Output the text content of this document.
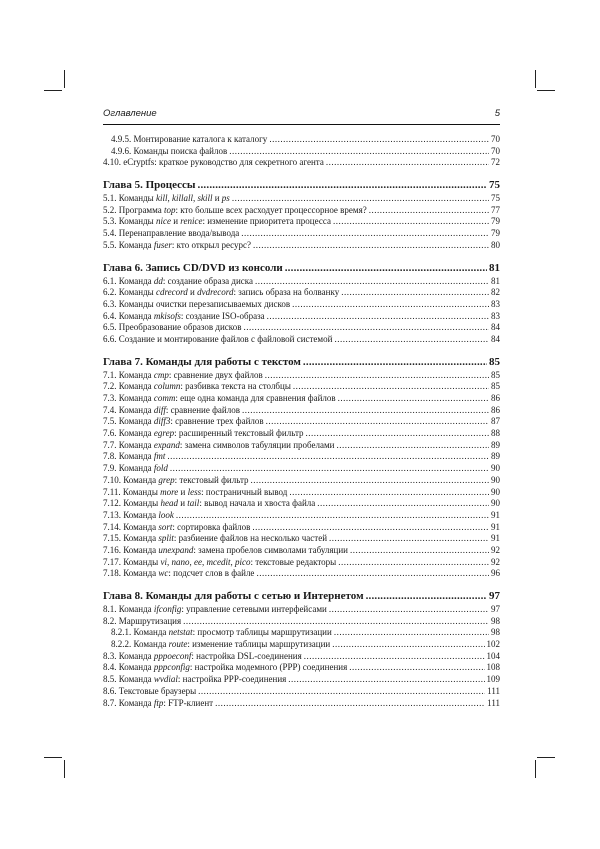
Оглавление	5
4.9.5. Монтирование каталога к каталогу .....	70
4.9.6. Команды поиска файлов .....	70
4.10. eCryptfs: краткое руководство для секретного агента .....	72
Глава 5. Процессы .....	75
5.1. Команды kill, killall, skill и ps .....	75
5.2. Программа top: кто больше всех расходует процессорное время? .....	77
5.3. Команды nice и renice: изменение приоритета процесса .....	79
5.4. Перенаправление ввода/вывода .....	79
5.5. Команда fuser: кто открыл ресурс? .....	80
Глава 6. Запись CD/DVD из консоли .....	81
6.1. Команда dd: создание образа диска .....	81
6.2. Команды cdrecord и dvdrecord: запись образа на болванку .....	82
6.3. Команды очистки перезаписываемых дисков .....	83
6.4. Команда mkisofs: создание ISO-образа .....	83
6.5. Преобразование образов дисков .....	84
6.6. Создание и монтирование файлов с файловой системой .....	84
Глава 7. Команды для работы с текстом .....	85
7.1. Команда cmp: сравнение двух файлов .....	85
7.2. Команда column: разбивка текста на столбцы .....	85
7.3. Команда comm: еще одна команда для сравнения файлов .....	86
7.4. Команда diff: сравнение файлов .....	86
7.5. Команда diff3: сравнение трех файлов .....	87
7.6. Команда egrep: расширенный текстовый фильтр .....	88
7.7. Команда expand: замена символов табуляции пробелами .....	89
7.8. Команда fmt .....	89
7.9. Команда fold .....	90
7.10. Команда grep: текстовый фильтр .....	90
7.11. Команды more и less: постраничный вывод .....	90
7.12. Команды head и tail: вывод начала и хвоста файла .....	90
7.13. Команда look .....	91
7.14. Команда sort: сортировка файлов .....	91
7.15. Команда split: разбиение файлов на несколько частей .....	91
7.16. Команда unexpand: замена пробелов символами табуляции .....	92
7.17. Команды vi, nano, ee, mcedit, pico: текстовые редакторы .....	92
7.18. Команда wc: подсчет слов в файле .....	96
Глава 8. Команды для работы с сетью и Интернетом .....	97
8.1. Команда ifconfig: управление сетевыми интерфейсами .....	97
8.2. Маршрутизация .....	98
8.2.1. Команда netstat: просмотр таблицы маршрутизации .....	98
8.2.2. Команда route: изменение таблицы маршрутизации .....	102
8.3. Команда pppoeconf: настройка DSL-соединения .....	104
8.4. Команда pppconfig: настройка модемного (PPP) соединения .....	108
8.5. Команда wvdial: настройка PPP-соединения .....	109
8.6. Текстовые браузеры .....	111
8.7. Команда ftp: FTP-клиент .....	111
